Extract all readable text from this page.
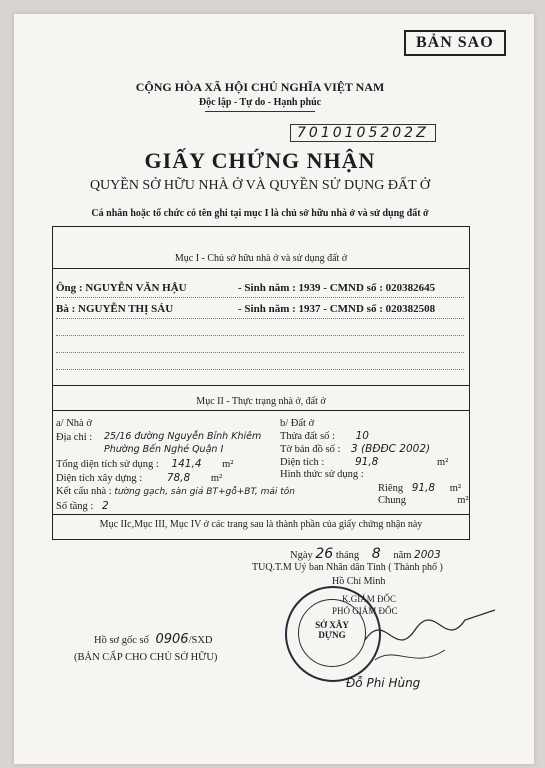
BẢN SAO
CỘNG HÒA XÃ HỘI CHỦ NGHĨA VIỆT NAM
Độc lập - Tự do - Hạnh phúc
7010105202Z
GIẤY CHỨNG NHẬN
QUYỀN SỞ HỮU NHÀ Ở VÀ QUYỀN SỬ DỤNG ĐẤT Ở
Cá nhân hoặc tổ chức có tên ghi tại mục I là chủ sở hữu nhà ở và sử dụng đất ở
Mục I - Chủ sở hữu nhà ở và sử dụng đất ở
Ông : NGUYỄN VĂN HẬU	- Sinh năm : 1939 - CMND số : 020382645
Bà : NGUYỄN THỊ SÁU	- Sinh năm : 1937 - CMND số : 020382508
Mục II - Thực trạng nhà ở, đất ở
a/ Nhà ở
Địa chỉ : 25/16 đường Nguyễn Bỉnh Khiêm
Phường Bến Nghé Quận I
Tổng diện tích sử dụng : 141,4 m²
Diện tích xây dựng : 78,8 m²
Kết cấu nhà : tường gạch, sàn giả BT+gỗ+BT, mái tôn
Số tầng : 2
b/ Đất ở
Thửa đất số : 10
Tờ bản đồ số : 3 (BĐĐC 2002)
Diện tích :	91,8	m²
Hình thức sử dụng :
Riêng 91,8 m²
Chung	m²
Mục IIc,Mục III, Mục IV ở các trang sau là thành phần của giấy chứng nhận này
Ngày 26 tháng 8 năm 2003
TUQ.T.M Uỷ ban Nhân dân Tỉnh ( Thành phố )
Hồ Chí Minh
K.GIÁM ĐỐC
PHÓ GIÁM ĐỐC
SỞ XÂY DỰNG
Đỗ Phi Hùng
Hồ sơ gốc số 0906/SXD
(BẢN CẤP CHO CHỦ SỞ HỮU)
